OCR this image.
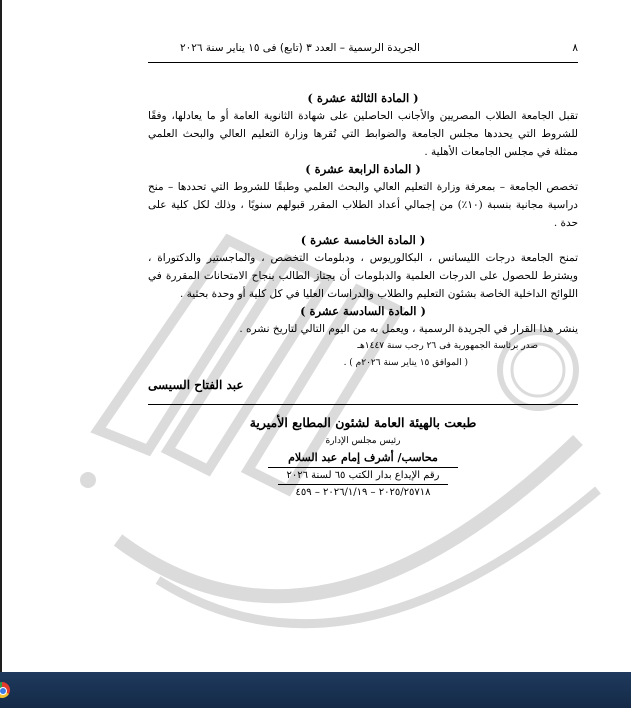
٨
الجريدة الرسمية – العدد ٣ (تابع) فى ١٥ يناير سنة ٢٠٢٦
( المادة الثالثة عشرة )

تقبل الجامعة الطلاب المصريين والأجانب الحاصلين على شهادة الثانوية العامة أو ما يعادلها، وفقًا للشروط التي يحددها مجلس الجامعة والضوابط التي تُقرها وزارة التعليم العالي والبحث العلمي ممثلة في مجلس الجامعات الأهلية .

( المادة الرابعة عشرة )

تخصص الجامعة – بمعرفة وزارة التعليم العالي والبحث العلمي وطبقًا للشروط التي تحددها – منح دراسية مجانية بنسبة (١٠٪) من إجمالي أعداد الطلاب المقرر قبولهم سنويًا ، وذلك لكل كلية على حدة .

( المادة الخامسة عشرة )

تمنح الجامعة درجات الليسانس ، البكالوريوس ، ودبلومات التخصص ، والماجستير والدكتوراة ، ويشترط للحصول على الدرجات العلمية والدبلومات أن يجتاز الطالب بنجاح الامتحانات المقررة في اللوائح الداخلية الخاصة بشئون التعليم والطلاب والدراسات العليا في كل كلية أو وحدة بحثية .

( المادة السادسة عشرة )

ينشر هذا القرار في الجريدة الرسمية ، ويعمل به من اليوم التالي لتاريخ نشره .

صدر برئاسة الجمهورية فى ٢٦ رجب سنة ١٤٤٧هـ
( الموافق ١٥ يناير سنة ٢٠٢٦م ) .
عبد الفتاح السيسى
طبعت بالهيئة العامة لشئون المطابع الأميرية
رئيس مجلس الإدارة
محاسب/ أشرف إمام عبد السلام
رقم الإيداع بدار الكتب ٦٥ لسنة ٢٠٢٦
٢٠٢٥/٢٥٧١٨ – ٢٠٢٦/١/١٩ – ٤٥٩
